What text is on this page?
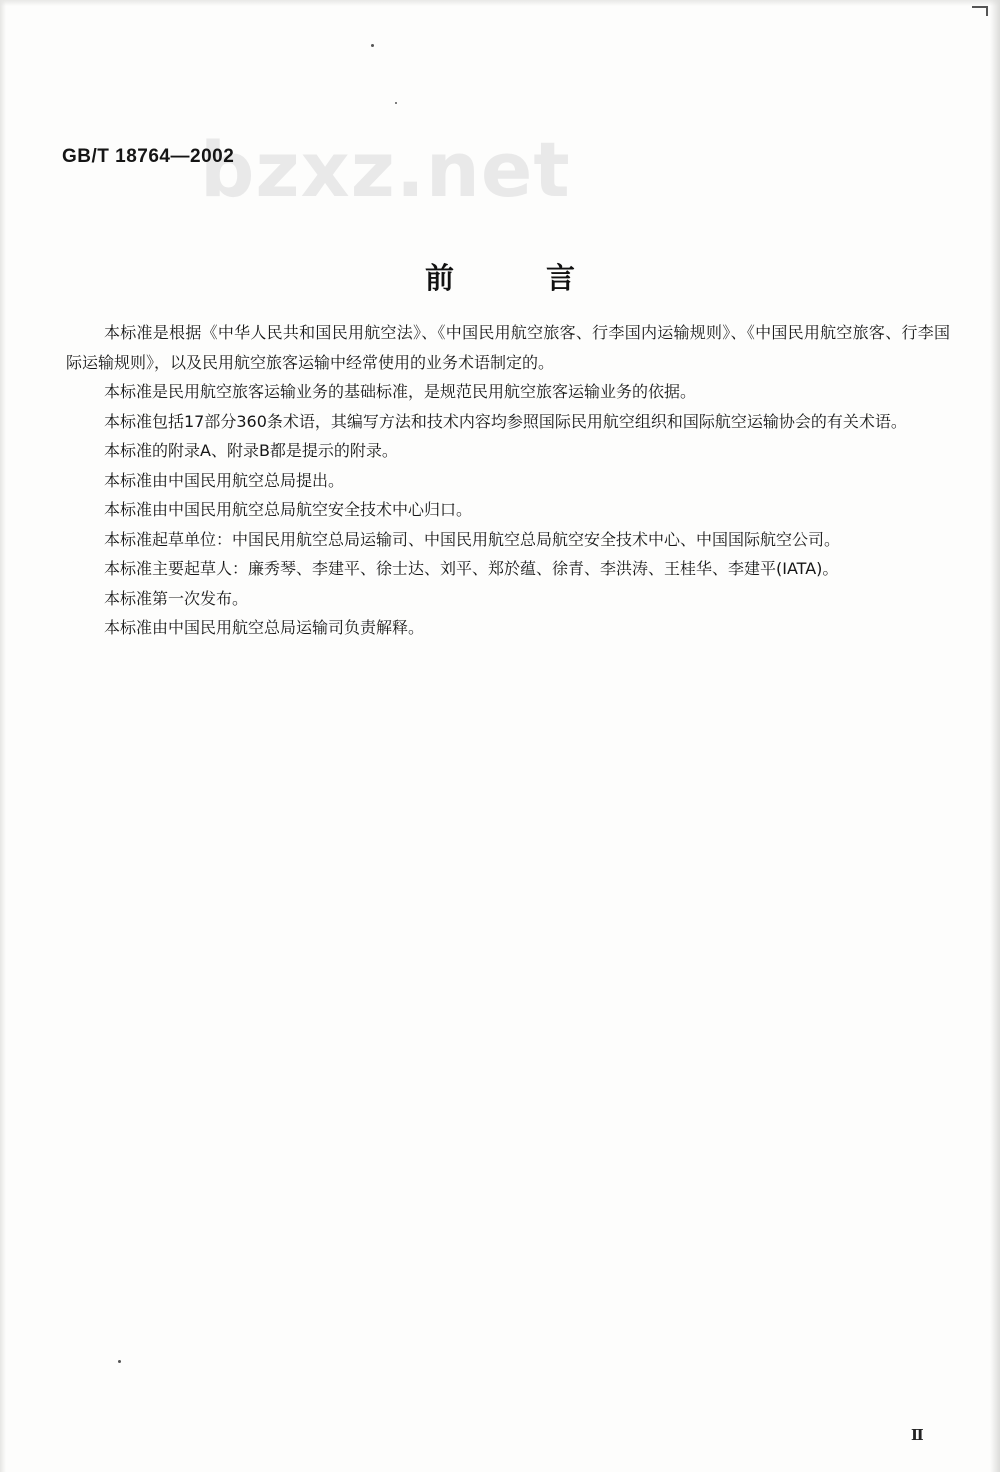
bzxz.net
GB/T 18764—2002
前言

本标准是根据《中华人民共和国民用航空法》、《中国民用航空旅客、行李国内运输规则》、《中国民用航空旅客、行李国际运输规则》，以及民用航空旅客运输中经常使用的业务术语制定的。

本标准是民用航空旅客运输业务的基础标准，是规范民用航空旅客运输业务的依据。

本标准包括17部分360条术语，其编写方法和技术内容均参照国际民用航空组织和国际航空运输协会的有关术语。

本标准的附录A、附录B都是提示的附录。

本标准由中国民用航空总局提出。

本标准由中国民用航空总局航空安全技术中心归口。

本标准起草单位：中国民用航空总局运输司、中国民用航空总局航空安全技术中心、中国国际航空公司。

本标准主要起草人：廉秀琴、李建平、徐士达、刘平、郑於蕴、徐青、李洪涛、王桂华、李建平(IATA)。

本标准第一次发布。

本标准由中国民用航空总局运输司负责解释。

Ⅱ
